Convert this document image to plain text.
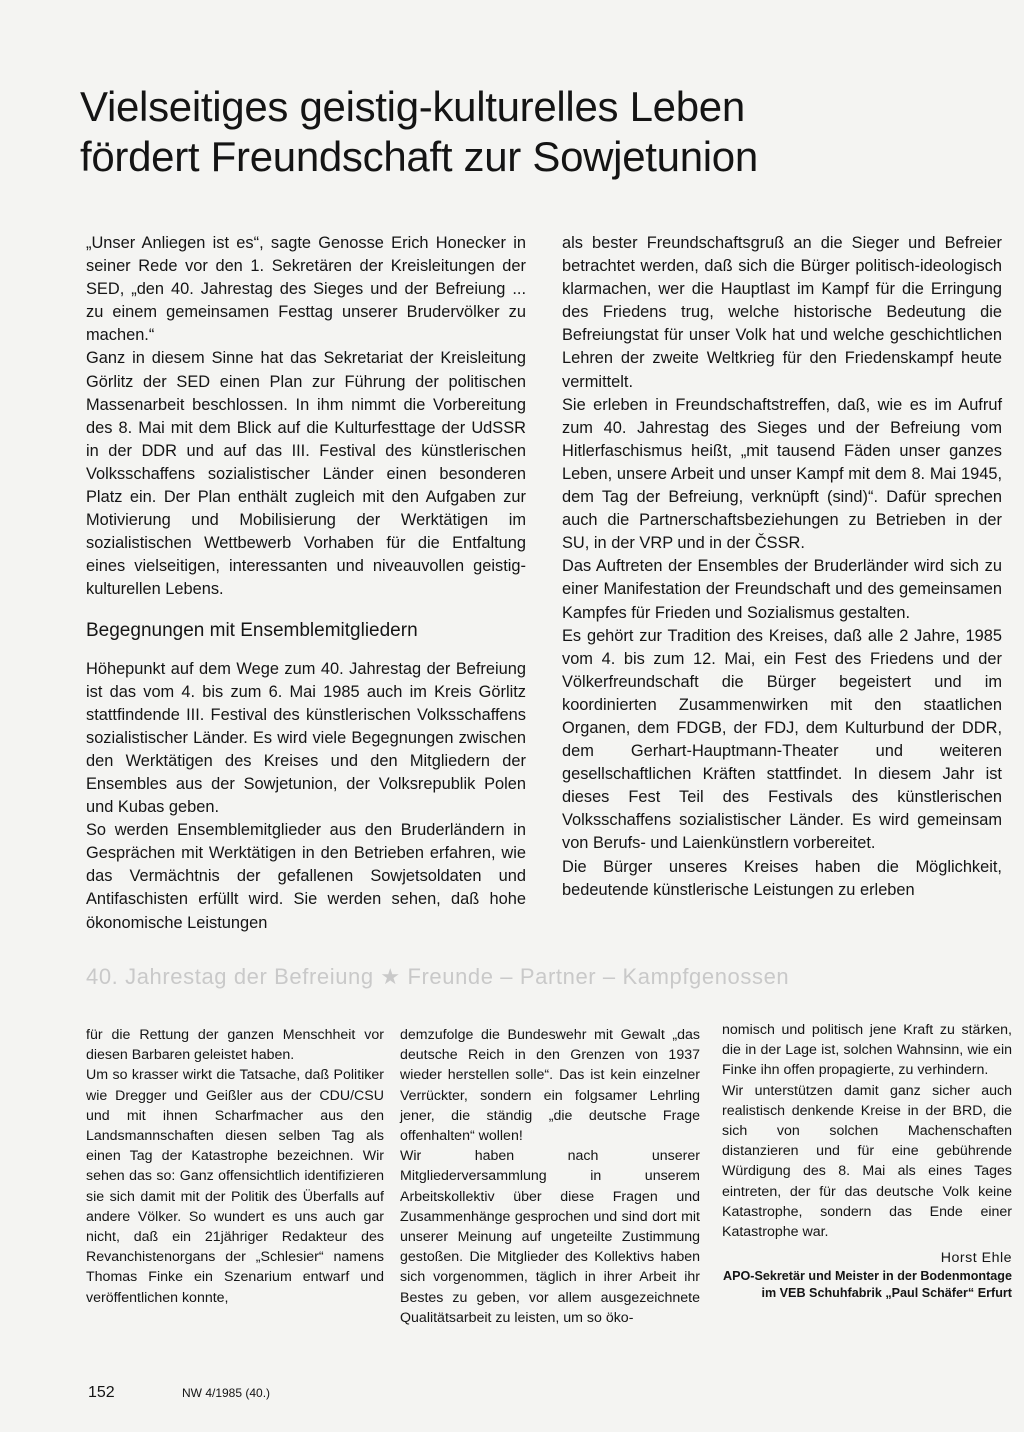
Vielseitiges geistig-kulturelles Leben
fördert Freundschaft zur Sowjetunion

„Unser Anliegen ist es“, sagte Genosse Erich Honecker in seiner Rede vor den 1. Sekretären der Kreisleitungen der SED, „den 40. Jahrestag des Sieges und der Befreiung ... zu einem gemeinsamen Festtag unserer Brudervölker zu machen.“

Ganz in diesem Sinne hat das Sekretariat der Kreisleitung Görlitz der SED einen Plan zur Führung der politischen Massenarbeit beschlossen. In ihm nimmt die Vorbereitung des 8. Mai mit dem Blick auf die Kulturfesttage der UdSSR in der DDR und auf das III. Festival des künstlerischen Volksschaffens sozialistischer Länder einen besonderen Platz ein. Der Plan enthält zugleich mit den Aufgaben zur Motivierung und Mobilisierung der Werktätigen im sozialistischen Wettbewerb Vorhaben für die Entfaltung eines vielseitigen, interessanten und niveauvollen geistig-kulturellen Lebens.

Begegnungen mit Ensemblemitgliedern

Höhepunkt auf dem Wege zum 40. Jahrestag der Befreiung ist das vom 4. bis zum 6. Mai 1985 auch im Kreis Görlitz stattfindende III. Festival des künstlerischen Volksschaffens sozialistischer Länder. Es wird viele Begegnungen zwischen den Werktätigen des Kreises und den Mitgliedern der Ensembles aus der Sowjetunion, der Volksrepublik Polen und Kubas geben.

So werden Ensemblemitglieder aus den Bruderländern in Gesprächen mit Werktätigen in den Betrieben erfahren, wie das Vermächtnis der gefallenen Sowjetsoldaten und Antifaschisten erfüllt wird. Sie werden sehen, daß hohe ökonomische Leistungen

als bester Freundschaftsgruß an die Sieger und Befreier betrachtet werden, daß sich die Bürger politisch-ideologisch klarmachen, wer die Hauptlast im Kampf für die Erringung des Friedens trug, welche historische Bedeutung die Befreiungstat für unser Volk hat und welche geschichtlichen Lehren der zweite Weltkrieg für den Friedenskampf heute vermittelt.

Sie erleben in Freundschaftstreffen, daß, wie es im Aufruf zum 40. Jahrestag des Sieges und der Befreiung vom Hitlerfaschismus heißt, „mit tausend Fäden unser ganzes Leben, unsere Arbeit und unser Kampf mit dem 8. Mai 1945, dem Tag der Befreiung, verknüpft (sind)“. Dafür sprechen auch die Partnerschaftsbeziehungen zu Betrieben in der SU, in der VRP und in der ČSSR.

Das Auftreten der Ensembles der Bruderländer wird sich zu einer Manifestation der Freundschaft und des gemeinsamen Kampfes für Frieden und Sozialismus gestalten.

Es gehört zur Tradition des Kreises, daß alle 2 Jahre, 1985 vom 4. bis zum 12. Mai, ein Fest des Friedens und der Völkerfreundschaft die Bürger begeistert und im koordinierten Zusammenwirken mit den staatlichen Organen, dem FDGB, der FDJ, dem Kulturbund der DDR, dem Gerhart-Hauptmann-Theater und weiteren gesellschaftlichen Kräften stattfindet. In diesem Jahr ist dieses Fest Teil des Festivals des künstlerischen Volksschaffens sozialistischer Länder. Es wird gemeinsam von Berufs- und Laienkünstlern vorbereitet.

Die Bürger unseres Kreises haben die Möglichkeit, bedeutende künstlerische Leistungen zu erleben

40. Jahrestag der Befreiung ★ Freunde – Partner – Kampfgenossen

für die Rettung der ganzen Menschheit vor diesen Barbaren geleistet haben.

Um so krasser wirkt die Tatsache, daß Politiker wie Dregger und Geißler aus der CDU/CSU und mit ihnen Scharfmacher aus den Landsmannschaften diesen selben Tag als einen Tag der Katastrophe bezeichnen. Wir sehen das so: Ganz offensichtlich identifizieren sie sich damit mit der Politik des Überfalls auf andere Völker. So wundert es uns auch gar nicht, daß ein 21jähriger Redakteur des Revanchistenorgans der „Schlesier“ namens Thomas Finke ein Szenarium entwarf und veröffentlichen konnte,

demzufolge die Bundeswehr mit Gewalt „das deutsche Reich in den Grenzen von 1937 wieder herstellen solle“. Das ist kein einzelner Verrückter, sondern ein folgsamer Lehrling jener, die ständig „die deutsche Frage offenhalten“ wollen!

Wir haben nach unserer Mitgliederversammlung in unserem Arbeitskollektiv über diese Fragen und Zusammenhänge gesprochen und sind dort mit unserer Meinung auf ungeteilte Zustimmung gestoßen. Die Mitglieder des Kollektivs haben sich vorgenommen, täglich in ihrer Arbeit ihr Bestes zu geben, vor allem ausgezeichnete Qualitätsarbeit zu leisten, um so öko-

nomisch und politisch jene Kraft zu stärken, die in der Lage ist, solchen Wahnsinn, wie ein Finke ihn offen propagierte, zu verhindern.

Wir unterstützen damit ganz sicher auch realistisch denkende Kreise in der BRD, die sich von solchen Machenschaften distanzieren und für eine gebührende Würdigung des 8. Mai als eines Tages eintreten, der für das deutsche Volk keine Katastrophe, sondern das Ende einer Katastrophe war.

Horst Ehle

APO-Sekretär und Meister in der Bodenmontage im VEB Schuhfabrik „Paul Schäfer“ Erfurt

152	NW 4/1985 (40.)
